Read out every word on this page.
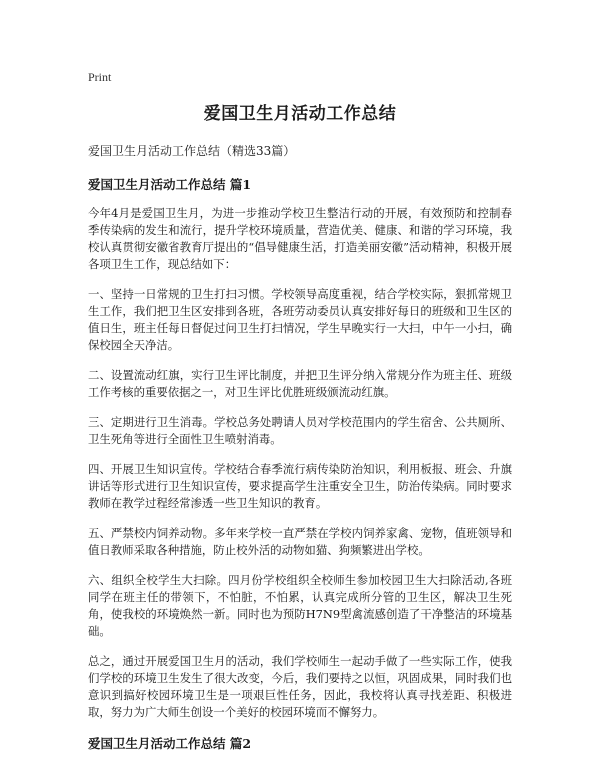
Print
爱国卫生月活动工作总结
爱国卫生月活动工作总结（精选33篇）
爱国卫生月活动工作总结 篇1

今年4月是爱国卫生月，为进一步推动学校卫生整洁行动的开展，有效预防和控制春季传染病的发生和流行，提升学校环境质量，营造优美、健康、和谐的学习环境，我校认真贯彻安徽省教育厅提出的“倡导健康生活，打造美丽安徽”活动精神，积极开展各项卫生工作，现总结如下：

一、坚持一日常规的卫生打扫习惯。学校领导高度重视，结合学校实际，狠抓常规卫生工作，我们把卫生区安排到各班，各班劳动委员认真安排好每日的班级和卫生区的值日生，班主任每日督促过问卫生打扫情况，学生早晚实行一大扫，中午一小扫，确保校园全天净洁。

二、设置流动红旗，实行卫生评比制度，并把卫生评分纳入常规分作为班主任、班级工作考核的重要依据之一，对卫生评比优胜班级颁流动红旗。

三、定期进行卫生消毒。学校总务处聘请人员对学校范围内的学生宿舍、公共厕所、卫生死角等进行全面性卫生喷射消毒。

四、开展卫生知识宣传。学校结合春季流行病传染防治知识，利用板报、班会、升旗讲话等形式进行卫生知识宣传，要求提高学生注重安全卫生，防治传染病。同时要求教师在教学过程经常渗透一些卫生知识的教育。

五、严禁校内饲养动物。多年来学校一直严禁在学校内饲养家禽、宠物，值班领导和值日教师采取各种措施，防止校外活的动物如猫、狗频繁进出学校。

六、组织全校学生大扫除。四月份学校组织全校师生参加校园卫生大扫除活动,各班同学在班主任的带领下，不怕脏，不怕累，认真完成所分管的卫生区，解决卫生死角，使我校的环境焕然一新。同时也为预防H7N9型禽流感创造了干净整洁的环境基础。

总之，通过开展爱国卫生月的活动，我们学校师生一起动手做了一些实际工作，使我们学校的环境卫生发生了很大改变，今后，我们要持之以恒，巩固成果，同时我们也意识到搞好校园环境卫生是一项艰巨性任务，因此，我校将认真寻找差距、积极进取，努力为广大师生创设一个美好的校园环境而不懈努力。

爱国卫生月活动工作总结 篇2
